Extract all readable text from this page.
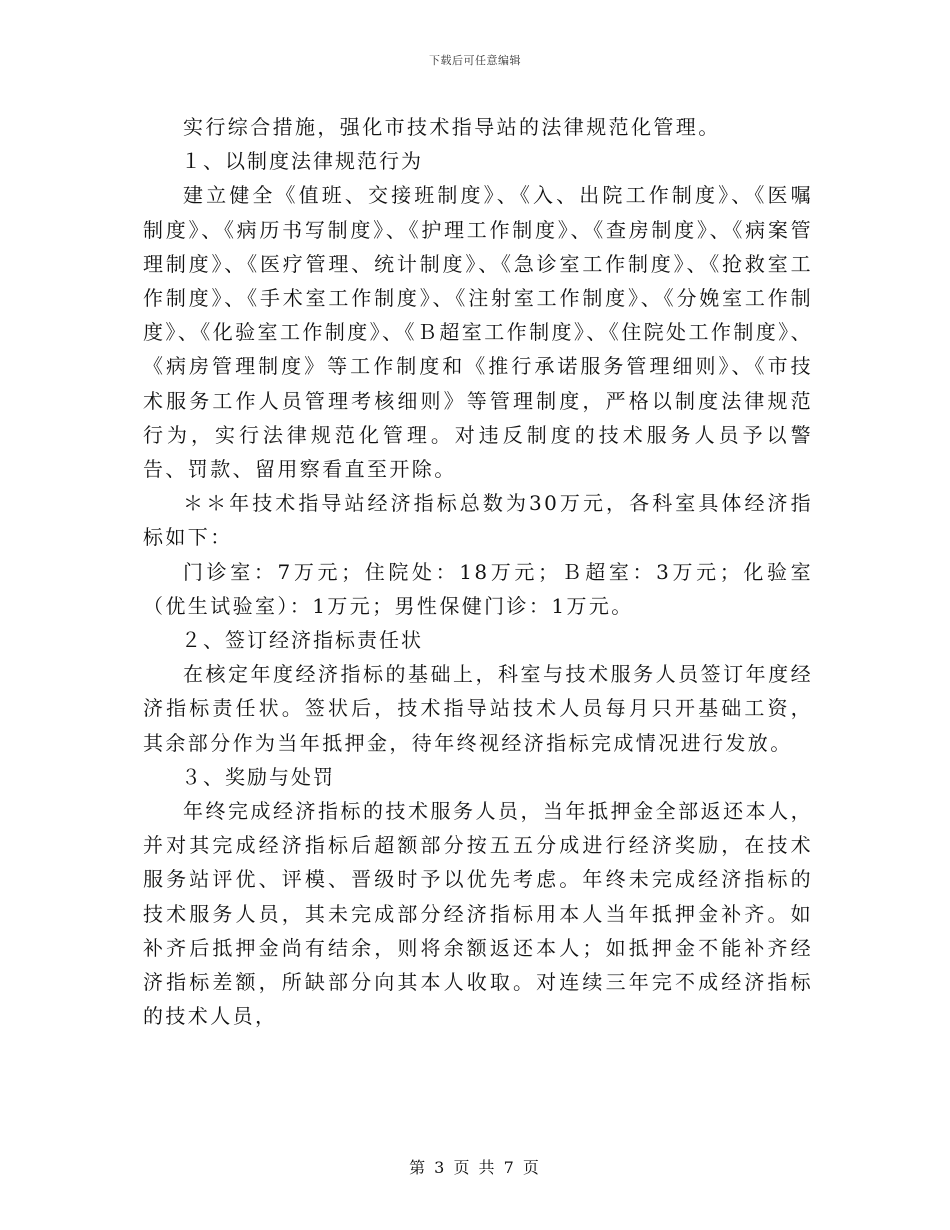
下载后可任意编辑

实行综合措施，强化市技术指导站的法律规范化管理。

１、以制度法律规范行为

建立健全《值班、交接班制度》、《入、出院工作制度》、《医嘱制度》、《病历书写制度》、《护理工作制度》、《查房制度》、《病案管理制度》、《医疗管理、统计制度》、《急诊室工作制度》、《抢救室工作制度》、《手术室工作制度》、《注射室工作制度》、《分娩室工作制度》、《化验室工作制度》、《Ｂ超室工作制度》、《住院处工作制度》、《病房管理制度》等工作制度和《推行承诺服务管理细则》、《市技术服务工作人员管理考核细则》等管理制度，严格以制度法律规范行为，实行法律规范化管理。对违反制度的技术服务人员予以警告、罚款、留用察看直至开除。

＊＊年技术指导站经济指标总数为30万元，各科室具体经济指标如下：

门诊室：7万元；住院处：18万元；Ｂ超室：3万元；化验室（优生试验室）：1万元；男性保健门诊：1万元。

２、签订经济指标责任状

在核定年度经济指标的基础上，科室与技术服务人员签订年度经济指标责任状。签状后，技术指导站技术人员每月只开基础工资，其余部分作为当年抵押金，待年终视经济指标完成情况进行发放。

３、奖励与处罚

年终完成经济指标的技术服务人员，当年抵押金全部返还本人，并对其完成经济指标后超额部分按五五分成进行经济奖励，在技术服务站评优、评模、晋级时予以优先考虑。年终未完成经济指标的技术服务人员，其未完成部分经济指标用本人当年抵押金补齐。如补齐后抵押金尚有结余，则将余额返还本人；如抵押金不能补齐经济指标差额，所缺部分向其本人收取。对连续三年完不成经济指标的技术人员，

第 3 页 共 7 页
